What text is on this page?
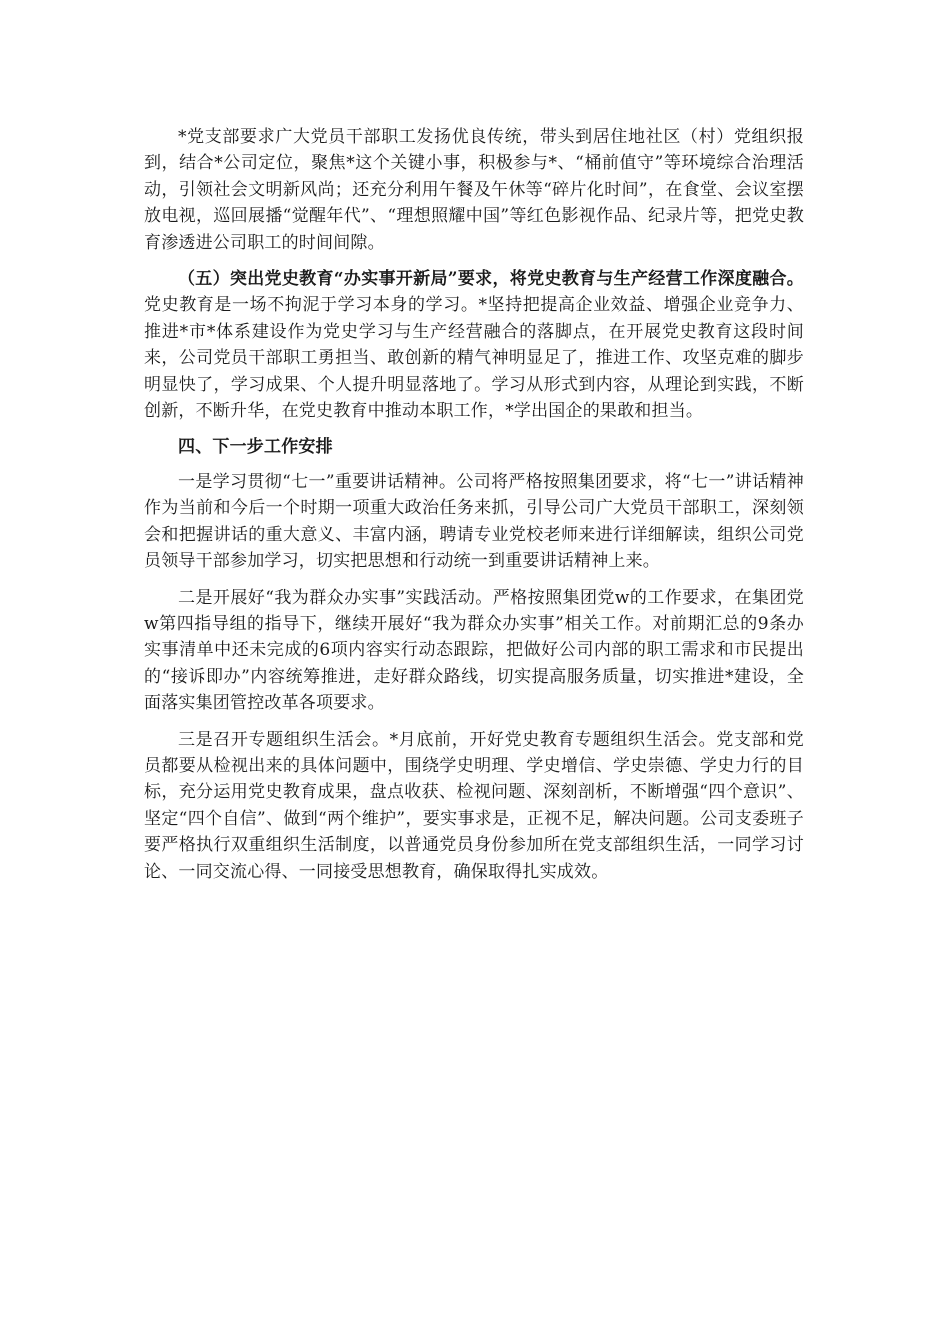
*党支部要求广大党员干部职工发扬优良传统，带头到居住地社区（村）党组织报到，结合*公司定位，聚焦*这个关键小事，积极参与*、“桶前值守”等环境综合治理活动，引领社会文明新风尚；还充分利用午餐及午休等“碎片化时间”，在食堂、会议室摆放电视，巡回展播“觉醒年代”、“理想照耀中国”等红色影视作品、纪录片等，把党史教育渗透进公司职工的时间间隙。

（五）突出党史教育“办实事开新局”要求，将党史教育与生产经营工作深度融合。党史教育是一场不拘泥于学习本身的学习。*坚持把提高企业效益、增强企业竞争力、推进*市*体系建设作为党史学习与生产经营融合的落脚点，在开展党史教育这段时间来，公司党员干部职工勇担当、敢创新的精气神明显足了，推进工作、攻坚克难的脚步明显快了，学习成果、个人提升明显落地了。学习从形式到内容，从理论到实践，不断创新，不断升华，在党史教育中推动本职工作，*学出国企的果敢和担当。

四、下一步工作安排

一是学习贯彻“七一”重要讲话精神。公司将严格按照集团要求，将“七一”讲话精神作为当前和今后一个时期一项重大政治任务来抓，引导公司广大党员干部职工，深刻领会和把握讲话的重大意义、丰富内涵，聘请专业党校老师来进行详细解读，组织公司党员领导干部参加学习，切实把思想和行动统一到重要讲话精神上来。

二是开展好“我为群众办实事”实践活动。严格按照集团党w的工作要求，在集团党w第四指导组的指导下，继续开展好“我为群众办实事”相关工作。对前期汇总的9条办实事清单中还未完成的6项内容实行动态跟踪，把做好公司内部的职工需求和市民提出的“接诉即办”内容统筹推进，走好群众路线，切实提高服务质量，切实推进*建设，全面落实集团管控改革各项要求。

三是召开专题组织生活会。*月底前，开好党史教育专题组织生活会。党支部和党员都要从检视出来的具体问题中，围绕学史明理、学史增信、学史崇德、学史力行的目标，充分运用党史教育成果，盘点收获、检视问题、深刻剖析，不断增强“四个意识”、坚定“四个自信”、做到“两个维护”，要实事求是，正视不足，解决问题。公司支委班子要严格执行双重组织生活制度，以普通党员身份参加所在党支部组织生活，一同学习讨论、一同交流心得、一同接受思想教育，确保取得扎实成效。
